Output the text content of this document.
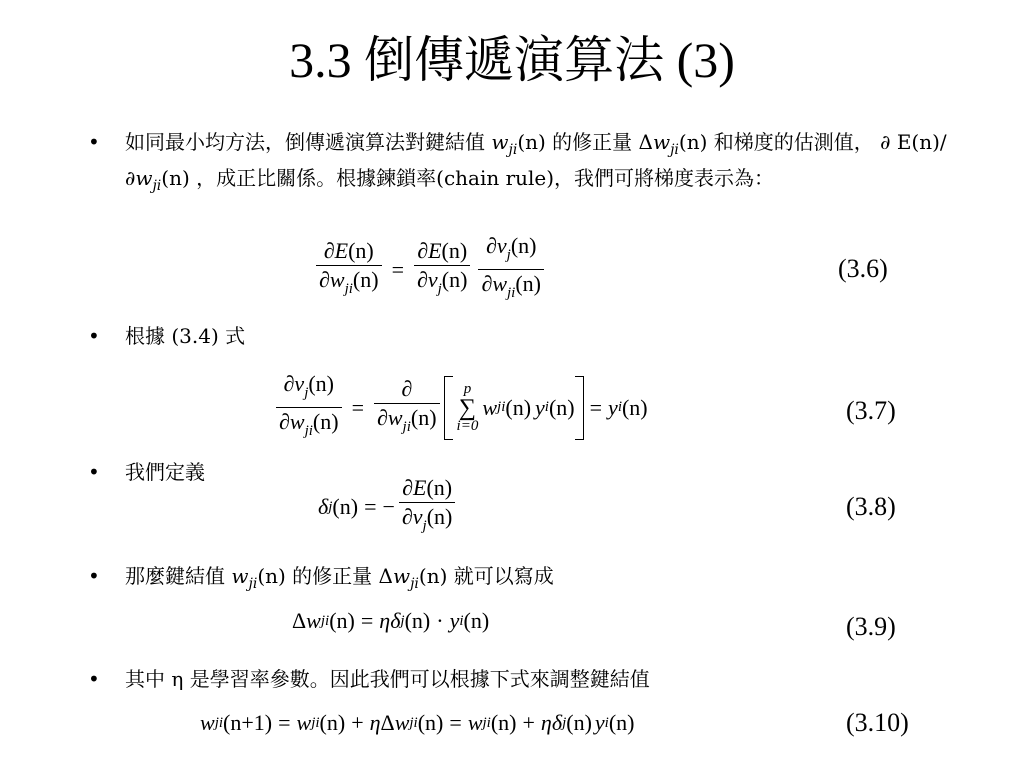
3.3 倒傳遞演算法 (3)
• 如同最小均方法，倒傳遞演算法對鍵結值 $w_{ji}(n)$ 的修正量 $\Delta w_{ji}(n)$ 和梯度的估測值， ∂ E(n)/ $\partial w_{ji}(n)$ ，成正比關係。根據鍊鎖率(chain rule)，我們可將梯度表示為：
$\frac{\partial E(n)}{\partial w_{ji}(n)} = \frac{\partial E(n)}{\partial v_j(n)} \frac{\partial v_j(n)}{\partial w_{ji}(n)}$	(3.6)
• 根據 (3.4) 式
$\frac{\partial v_j(n)}{\partial w_{ji}(n)} = \frac{\partial}{\partial w_{ji}(n)}$ p
∑
i=0
w ji (n) y i (n) = y i (n)	(3.7)
• 我們定義
δ j (n) = − $\frac{\partial E(n)}{\partial v_j(n)}$	(3.8)
• 那麼鍵結值 $w_{ji}(n)$ 的修正量 $\Delta w_{ji}(n)$ 就可以寫成
Δ w ji (n) = η δ j (n) · y i (n)	(3.9)
• 其中 η 是學習率參數。因此我們可以根據下式來調整鍵結值
w ji (n+1) = w ji (n) + η Δ w ji (n) = w ji (n) + η δ j (n) y i (n)	(3.10)
